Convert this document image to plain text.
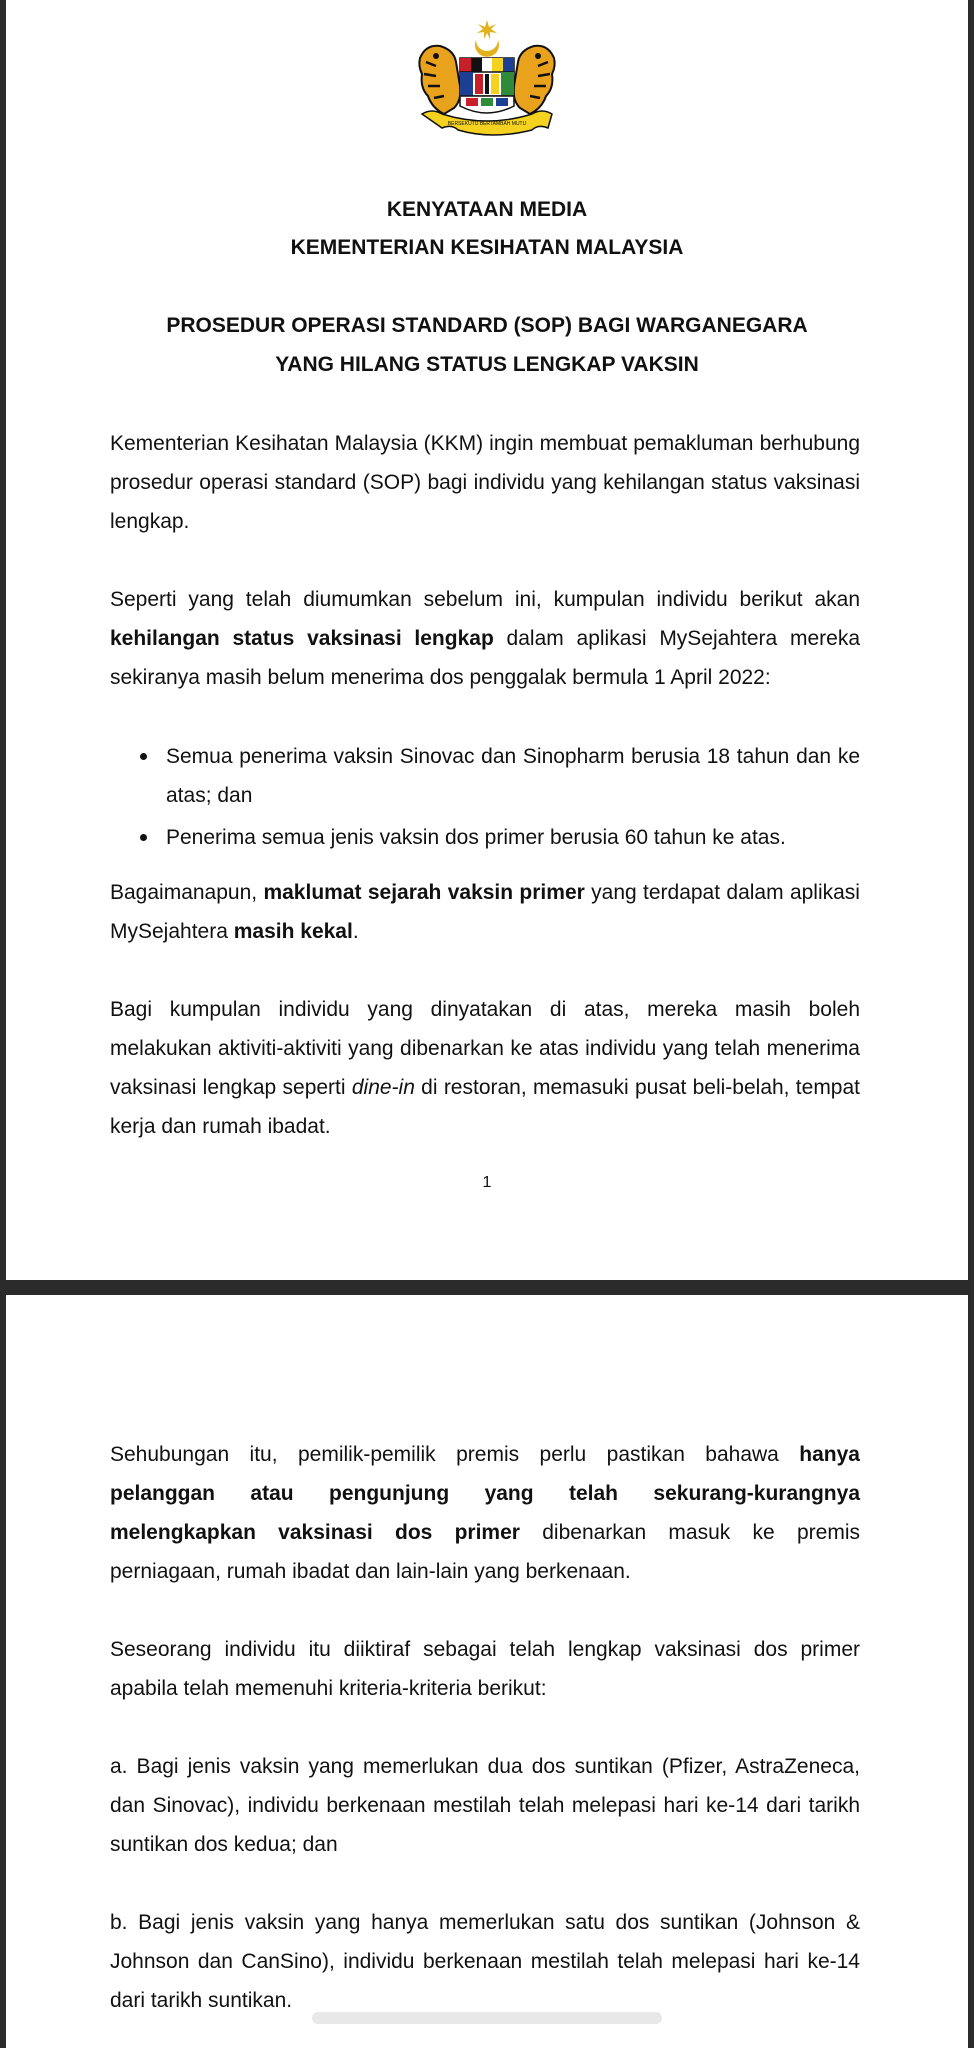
BERSEKUTU BERTAMBAH MUTU

KENYATAAN MEDIA

KEMENTERIAN KESIHATAN MALAYSIA

PROSEDUR OPERASI STANDARD (SOP) BAGI WARGANEGARA

YANG HILANG STATUS LENGKAP VAKSIN

Kementerian Kesihatan Malaysia (KKM) ingin membuat pemakluman berhubung prosedur operasi standard (SOP) bagi individu yang kehilangan status vaksinasi lengkap.

Seperti yang telah diumumkan sebelum ini, kumpulan individu berikut akan kehilangan status vaksinasi lengkap dalam aplikasi MySejahtera mereka sekiranya masih belum menerima dos penggalak bermula 1 April 2022:

Semua penerima vaksin Sinovac dan Sinopharm berusia 18 tahun dan ke atas; dan
Penerima semua jenis vaksin dos primer berusia 60 tahun ke atas.

Bagaimanapun, maklumat sejarah vaksin primer yang terdapat dalam aplikasi MySejahtera masih kekal.

Bagi kumpulan individu yang dinyatakan di atas, mereka masih boleh melakukan aktiviti-aktiviti yang dibenarkan ke atas individu yang telah menerima vaksinasi lengkap seperti dine-in di restoran, memasuki pusat beli-belah, tempat kerja dan rumah ibadat.

1

Sehubungan itu, pemilik-pemilik premis perlu pastikan bahawa hanya pelanggan atau pengunjung yang telah sekurang-kurangnya melengkapkan vaksinasi dos primer dibenarkan masuk ke premis perniagaan, rumah ibadat dan lain-lain yang berkenaan.

Seseorang individu itu diiktiraf sebagai telah lengkap vaksinasi dos primer apabila telah memenuhi kriteria-kriteria berikut:

a. Bagi jenis vaksin yang memerlukan dua dos suntikan (Pfizer, AstraZeneca, dan Sinovac), individu berkenaan mestilah telah melepasi hari ke-14 dari tarikh suntikan dos kedua; dan

b. Bagi jenis vaksin yang hanya memerlukan satu dos suntikan (Johnson & Johnson dan CanSino), individu berkenaan mestilah telah melepasi hari ke-14 dari tarikh suntikan.
